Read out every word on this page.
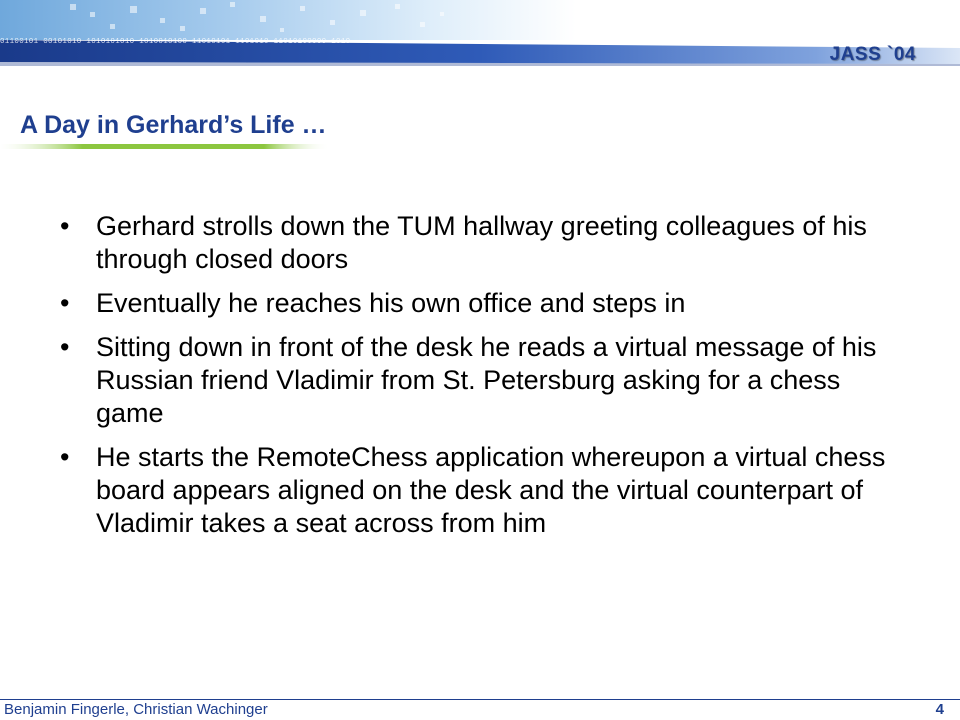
01100101 00101010 1010101010 1010010100 11010101 1101010 11010100000 1010
JASS `04
A Day in Gerhard’s Life …
• Gerhard strolls down the TUM hallway greeting colleagues of his through closed doors
• Eventually he reaches his own office and steps in
• Sitting down in front of the desk he reads a virtual message of his Russian friend Vladimir from St. Petersburg asking for a chess game
• He starts the RemoteChess application whereupon a virtual chess board appears aligned on the desk and the virtual counterpart of Vladimir takes a seat across from him
Benjamin Fingerle, Christian Wachinger	4
